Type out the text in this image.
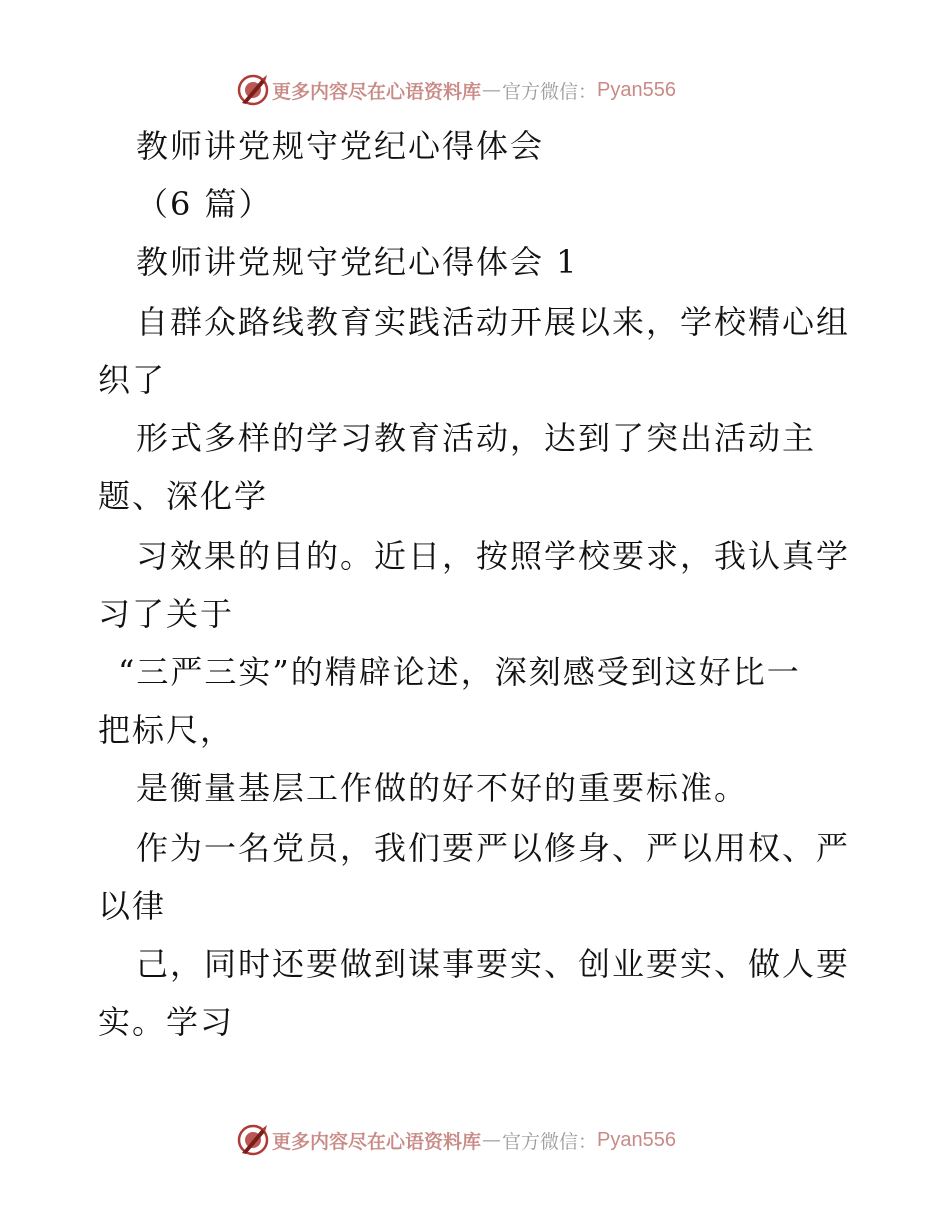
更多内容尽在心语资料库 — 官方微信： Pyan556
教师讲党规守党纪心得体会
（6 篇）
教师讲党规守党纪心得体会 1
自群众路线教育实践活动开展以来，学校精心组
织了
形式多样的学习教育活动，达到了突出活动主
题、深化学
习效果的目的。近日，按照学校要求，我认真学
习了关于
“三严三实”的精辟论述，深刻感受到这好比一
把标尺，
是衡量基层工作做的好不好的重要标准。
作为一名党员，我们要严以修身、严以用权、严
以律
己，同时还要做到谋事要实、创业要实、做人要
实。学习
更多内容尽在心语资料库 — 官方微信： Pyan556
